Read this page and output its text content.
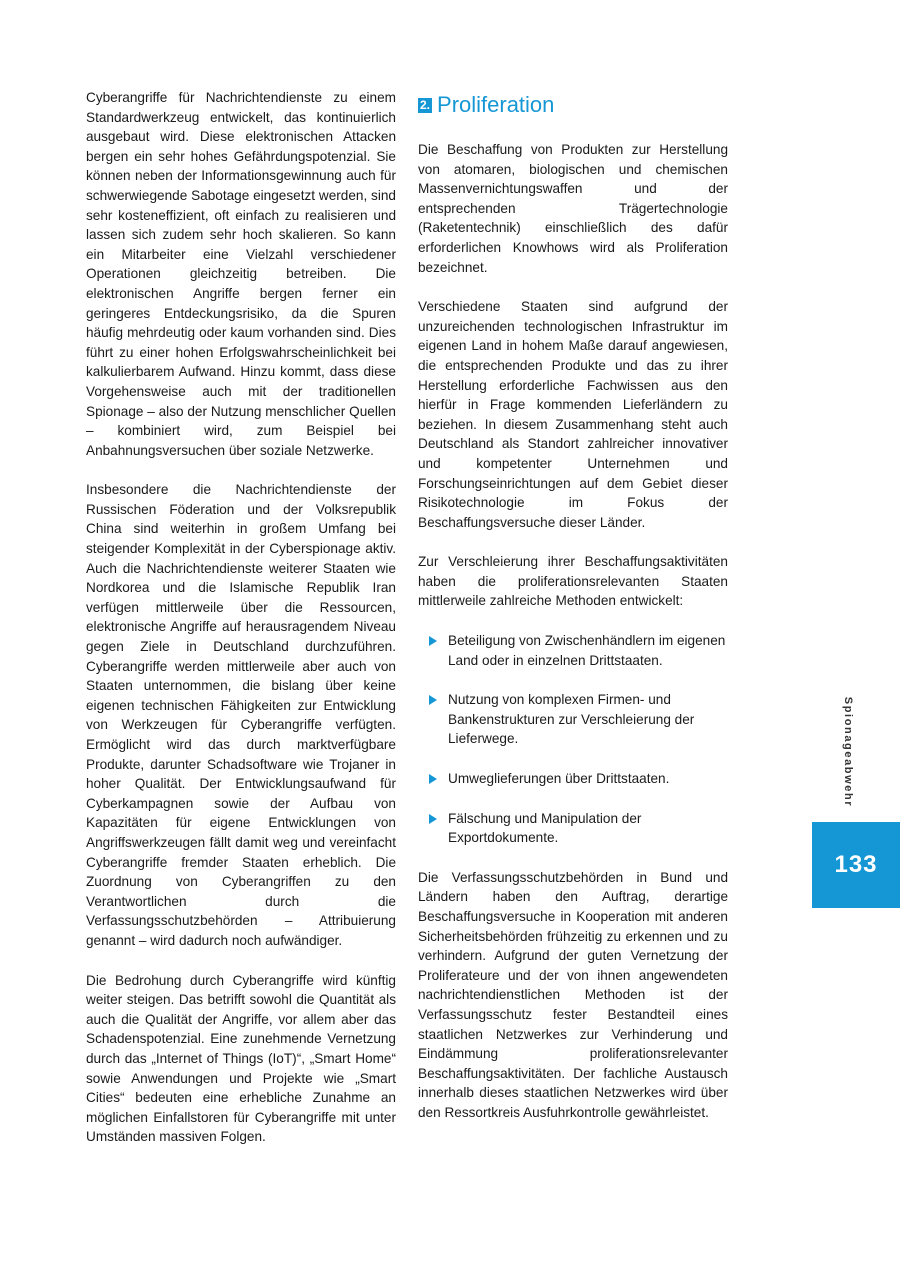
Cyberangriffe für Nachrichtendienste zu einem Standardwerkzeug entwickelt, das kontinuierlich ausgebaut wird. Diese elektronischen Attacken bergen ein sehr hohes Gefährdungspotenzial. Sie können neben der Informationsgewinnung auch für schwerwiegende Sabotage eingesetzt werden, sind sehr kosteneffizient, oft einfach zu realisieren und lassen sich zudem sehr hoch skalieren. So kann ein Mitarbeiter eine Vielzahl verschiedener Operationen gleichzeitig betreiben. Die elektronischen Angriffe bergen ferner ein geringeres Entdeckungsrisiko, da die Spuren häufig mehrdeutig oder kaum vorhanden sind. Dies führt zu einer hohen Erfolgswahrscheinlichkeit bei kalkulierbarem Aufwand. Hinzu kommt, dass diese Vorgehensweise auch mit der traditionellen Spionage – also der Nutzung menschlicher Quellen – kombiniert wird, zum Beispiel bei Anbahnungsversuchen über soziale Netzwerke.

Insbesondere die Nachrichtendienste der Russischen Föderation und der Volksrepublik China sind weiterhin in großem Umfang bei steigender Komplexität in der Cyberspionage aktiv. Auch die Nachrichtendienste weiterer Staaten wie Nordkorea und die Islamische Republik Iran verfügen mittlerweile über die Ressourcen, elektronische Angriffe auf herausragendem Niveau gegen Ziele in Deutschland durchzuführen. Cyberangriffe werden mittlerweile aber auch von Staaten unternommen, die bislang über keine eigenen technischen Fähigkeiten zur Entwicklung von Werkzeugen für Cyberangriffe verfügten. Ermöglicht wird das durch marktverfügbare Produkte, darunter Schadsoftware wie Trojaner in hoher Qualität. Der Entwicklungsaufwand für Cyberkampagnen sowie der Aufbau von Kapazitäten für eigene Entwicklungen von Angriffswerkzeugen fällt damit weg und vereinfacht Cyberangriffe fremder Staaten erheblich. Die Zuordnung von Cyberangriffen zu den Verantwortlichen durch die Verfassungsschutzbehörden – Attribuierung genannt – wird dadurch noch aufwändiger.

Die Bedrohung durch Cyberangriffe wird künftig weiter steigen. Das betrifft sowohl die Quantität als auch die Qualität der Angriffe, vor allem aber das Schadenspotenzial. Eine zunehmende Vernetzung durch das „Internet of Things (IoT)“, „Smart Home“ sowie Anwendungen und Projekte wie „Smart Cities“ bedeuten eine erhebliche Zunahme an möglichen Einfallstoren für Cyberangriffe mit unter Umständen massiven Folgen.

2. Proliferation

Die Beschaffung von Produkten zur Herstellung von atomaren, biologischen und chemischen Massenvernichtungswaffen und der entsprechenden Trägertechnologie (Raketentechnik) einschließlich des dafür erforderlichen Knowhows wird als Proliferation bezeichnet.

Verschiedene Staaten sind aufgrund der unzureichenden technologischen Infrastruktur im eigenen Land in hohem Maße darauf angewiesen, die entsprechenden Produkte und das zu ihrer Herstellung erforderliche Fachwissen aus den hierfür in Frage kommenden Lieferländern zu beziehen. In diesem Zusammenhang steht auch Deutschland als Standort zahlreicher innovativer und kompetenter Unternehmen und Forschungseinrichtungen auf dem Gebiet dieser Risikotechnologie im Fokus der Beschaffungsversuche dieser Länder.

Zur Verschleierung ihrer Beschaffungsaktivitäten haben die proliferationsrelevanten Staaten mittlerweile zahlreiche Methoden entwickelt:

Beteiligung von Zwischenhändlern im eigenen Land oder in einzelnen Drittstaaten.
Nutzung von komplexen Firmen- und Bankenstrukturen zur Verschleierung der Lieferwege.
Umweglieferungen über Drittstaaten.
Fälschung und Manipulation der Exportdokumente.

Die Verfassungsschutzbehörden in Bund und Ländern haben den Auftrag, derartige Beschaffungsversuche in Kooperation mit anderen Sicherheitsbehörden frühzeitig zu erkennen und zu verhindern. Aufgrund der guten Vernetzung der Proliferateure und der von ihnen angewendeten nachrichtendienstlichen Methoden ist der Verfassungsschutz fester Bestandteil eines staatlichen Netzwerkes zur Verhinderung und Eindämmung proliferationsrelevanter Beschaffungsaktivitäten. Der fachliche Austausch innerhalb dieses staatlichen Netzwerkes wird über den Ressortkreis Ausfuhrkontrolle gewährleistet.

Spionageabwehr
133
